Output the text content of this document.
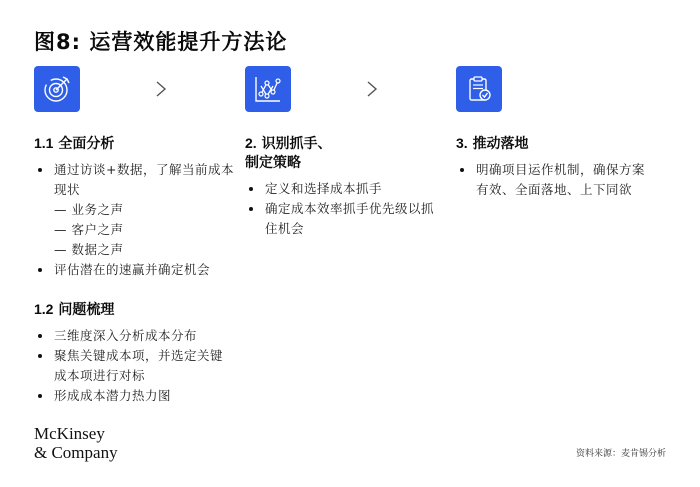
图8: 运营效能提升方法论
1.1 全面分析
通过访谈+数据，了解当前成本现状
— 业务之声
— 客户之声
— 数据之声
评估潜在的速赢并确定机会
1.2 问题梳理
三维度深入分析成本分布
聚焦关键成本项，并选定关键成本项进行对标
形成成本潜力热力图
2. 识别抓手、
制定策略
定义和选择成本抓手
确定成本效率抓手优先级以抓住机会
3. 推动落地
明确项目运作机制，确保方案有效、全面落地、上下同欲
McKinsey
& Company	资料来源：麦肯锡分析
